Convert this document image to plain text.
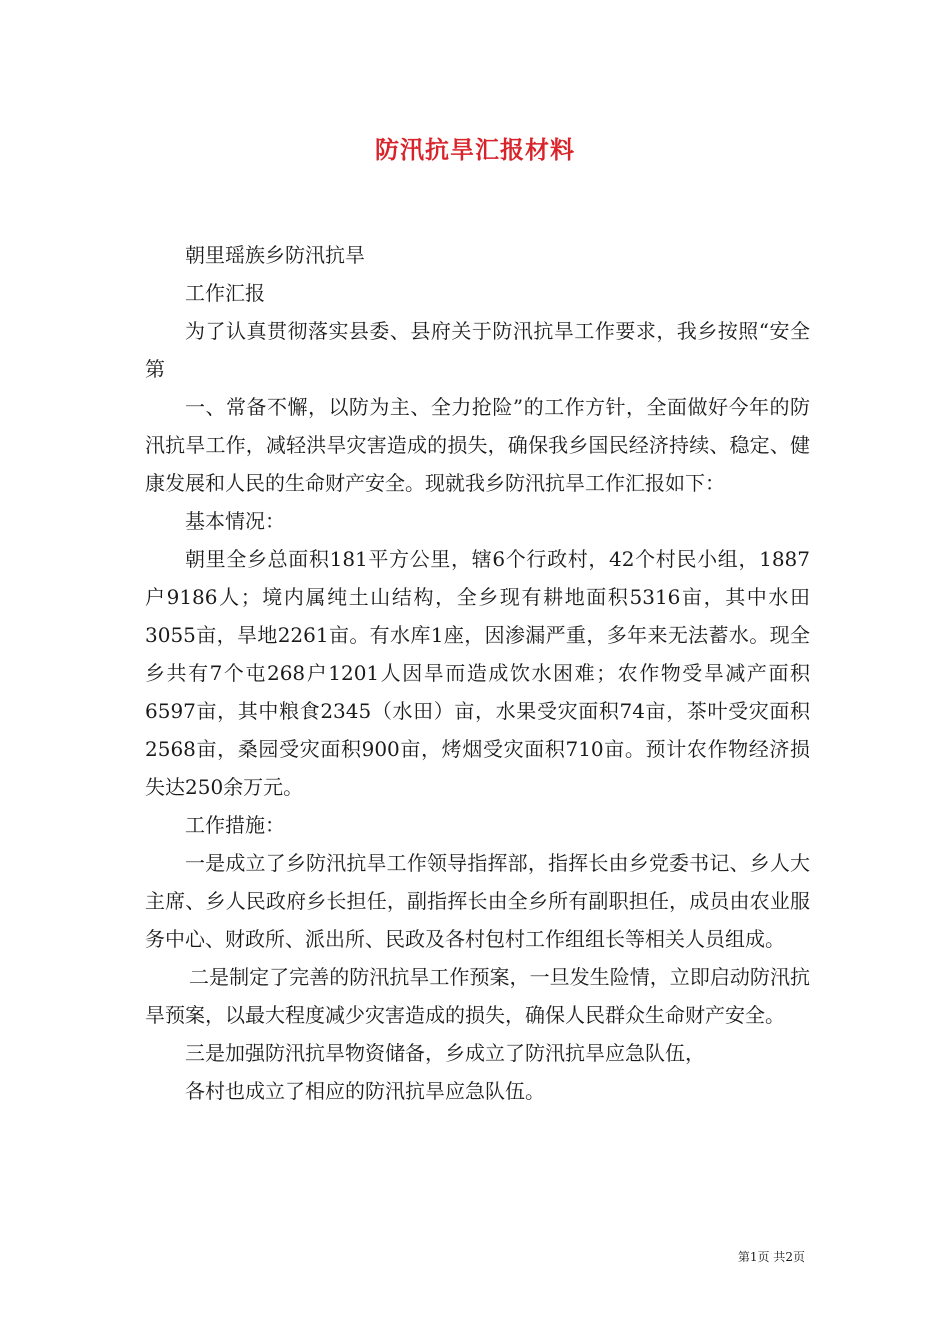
防汛抗旱汇报材料

朝里瑶族乡防汛抗旱

工作汇报

为了认真贯彻落实县委、县府关于防汛抗旱工作要求，我乡按照“安全第

一、常备不懈，以防为主、全力抢险”的工作方针，全面做好今年的防汛抗旱工作，减轻洪旱灾害造成的损失，确保我乡国民经济持续、稳定、健康发展和人民的生命财产安全。现就我乡防汛抗旱工作汇报如下：

基本情况：

朝里全乡总面积181平方公里，辖6个行政村，42个村民小组，1887户9186人；境内属纯土山结构，全乡现有耕地面积5316亩，其中水田3055亩，旱地2261亩。有水库1座，因渗漏严重，多年来无法蓄水。现全乡共有7个屯268户1201人因旱而造成饮水困难；农作物受旱减产面积6597亩，其中粮食2345（水田）亩，水果受灾面积74亩，茶叶受灾面积2568亩，桑园受灾面积900亩，烤烟受灾面积710亩。预计农作物经济损失达250余万元。

工作措施：

一是成立了乡防汛抗旱工作领导指挥部，指挥长由乡党委书记、乡人大主席、乡人民政府乡长担任，副指挥长由全乡所有副职担任，成员由农业服务中心、财政所、派出所、民政及各村包村工作组组长等相关人员组成。

二是制定了完善的防汛抗旱工作预案，一旦发生险情，立即启动防汛抗旱预案，以最大程度减少灾害造成的损失，确保人民群众生命财产安全。

三是加强防汛抗旱物资储备，乡成立了防汛抗旱应急队伍，

各村也成立了相应的防汛抗旱应急队伍。

第1页 共2页
